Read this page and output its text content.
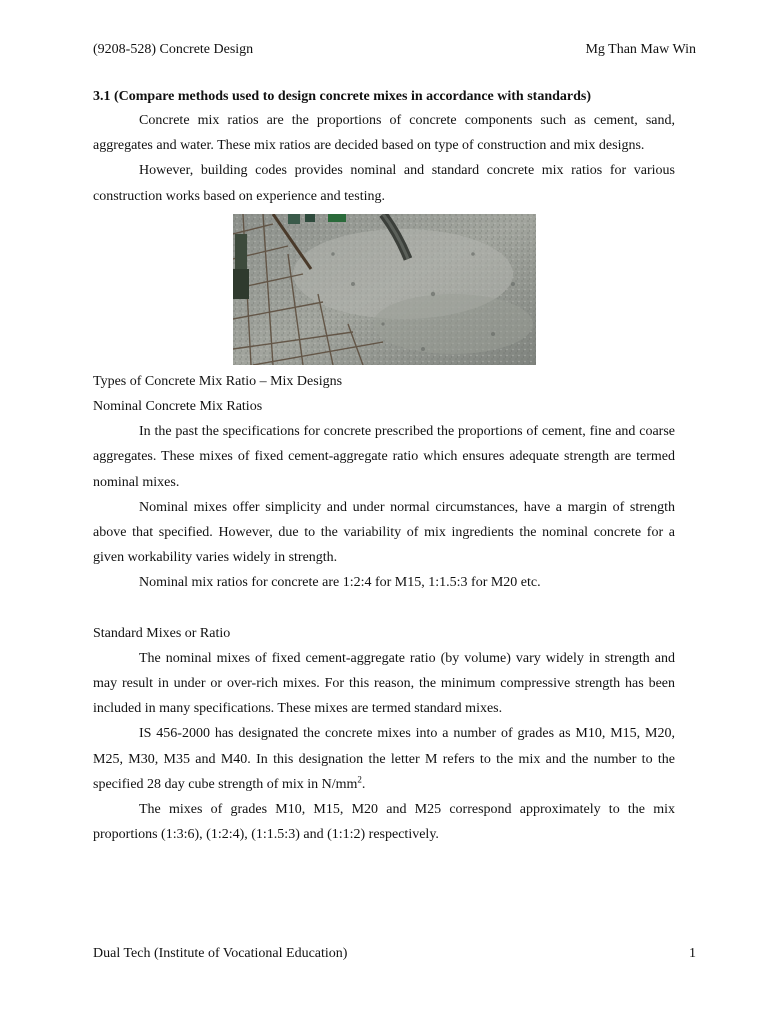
(9208-528) Concrete Design	Mg Than Maw Win

3.1 (Compare methods used to design concrete mixes in accordance with standards)

Concrete mix ratios are the proportions of concrete components such as cement, sand, aggregates and water. These mix ratios are decided based on type of construction and mix designs.

However, building codes provides nominal and standard concrete mix ratios for various construction works based on experience and testing.

Types of Concrete Mix Ratio – Mix Designs

Nominal Concrete Mix Ratios

In the past the specifications for concrete prescribed the proportions of cement, fine and coarse aggregates. These mixes of fixed cement-aggregate ratio which ensures adequate strength are termed nominal mixes.

Nominal mixes offer simplicity and under normal circumstances, have a margin of strength above that specified. However, due to the variability of mix ingredients the nominal concrete for a given workability varies widely in strength.

Nominal mix ratios for concrete are 1:2:4 for M15, 1:1.5:3 for M20 etc.

Standard Mixes or Ratio

The nominal mixes of fixed cement-aggregate ratio (by volume) vary widely in strength and may result in under or over-rich mixes. For this reason, the minimum compressive strength has been included in many specifications. These mixes are termed standard mixes.

IS 456-2000 has designated the concrete mixes into a number of grades as M10, M15, M20, M25, M30, M35 and M40. In this designation the letter M refers to the mix and the number to the specified 28 day cube strength of mix in $N/mm^2$.

The mixes of grades M10, M15, M20 and M25 correspond approximately to the mix proportions (1:3:6), (1:2:4), (1:1.5:3) and (1:1:2) respectively.

Dual Tech (Institute of Vocational Education)	1
